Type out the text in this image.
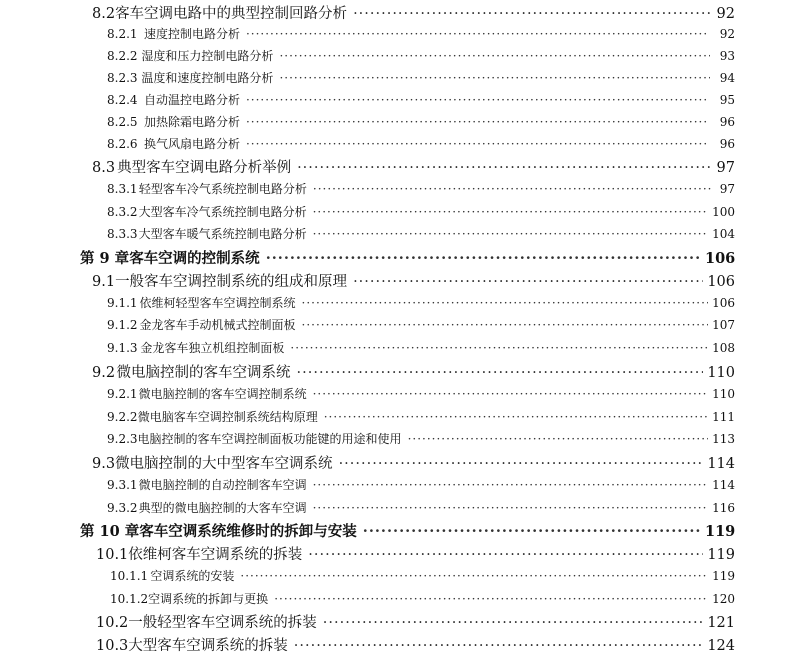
8.2 客车空调电路中的典型控制回路分析 ·····	92
8.2.1 速度控制电路分析 ·····	92
8.2.2 湿度和压力控制电路分析 ·····	93
8.2.3 温度和速度控制电路分析 ·····	94
8.2.4 自动温控电路分析 ·····	95
8.2.5 加热除霜电路分析 ·····	96
8.2.6 换气风扇电路分析 ·····	96
8.3 典型客车空调电路分析举例 ·····	97
8.3.1 轻型客车冷气系统控制电路分析 ·····	97
8.3.2 大型客车冷气系统控制电路分析 ·····	100
8.3.3 大型客车暖气系统控制电路分析 ·····	104
第 9 章 客车空调的控制系统 ·····	106
9.1 一般客车空调控制系统的组成和原理 ·····	106
9.1.1 依维柯轻型客车空调控制系统 ·····	106
9.1.2 金龙客车手动机械式控制面板 ·····	107
9.1.3 金龙客车独立机组控制面板 ·····	108
9.2 微电脑控制的客车空调系统 ·····	110
9.2.1 微电脑控制的客车空调控制系统 ·····	110
9.2.2 微电脑客车空调控制系统结构原理 ·····	111
9.2.3 电脑控制的客车空调控制面板功能键的用途和使用 ·····	113
9.3 微电脑控制的大中型客车空调系统 ·····	114
9.3.1 微电脑控制的自动控制客车空调 ·····	114
9.3.2 典型的微电脑控制的大客车空调 ·····	116
第 10 章 客车空调系统维修时的拆卸与安装 ·····	119
10.1 依维柯客车空调系统的拆装 ·····	119
10.1.1 空调系统的安装 ·····	119
10.1.2 空调系统的拆卸与更换 ·····	120
10.2 一般轻型客车空调系统的拆装 ·····	121
10.3 大型客车空调系统的拆装 ·····	124
